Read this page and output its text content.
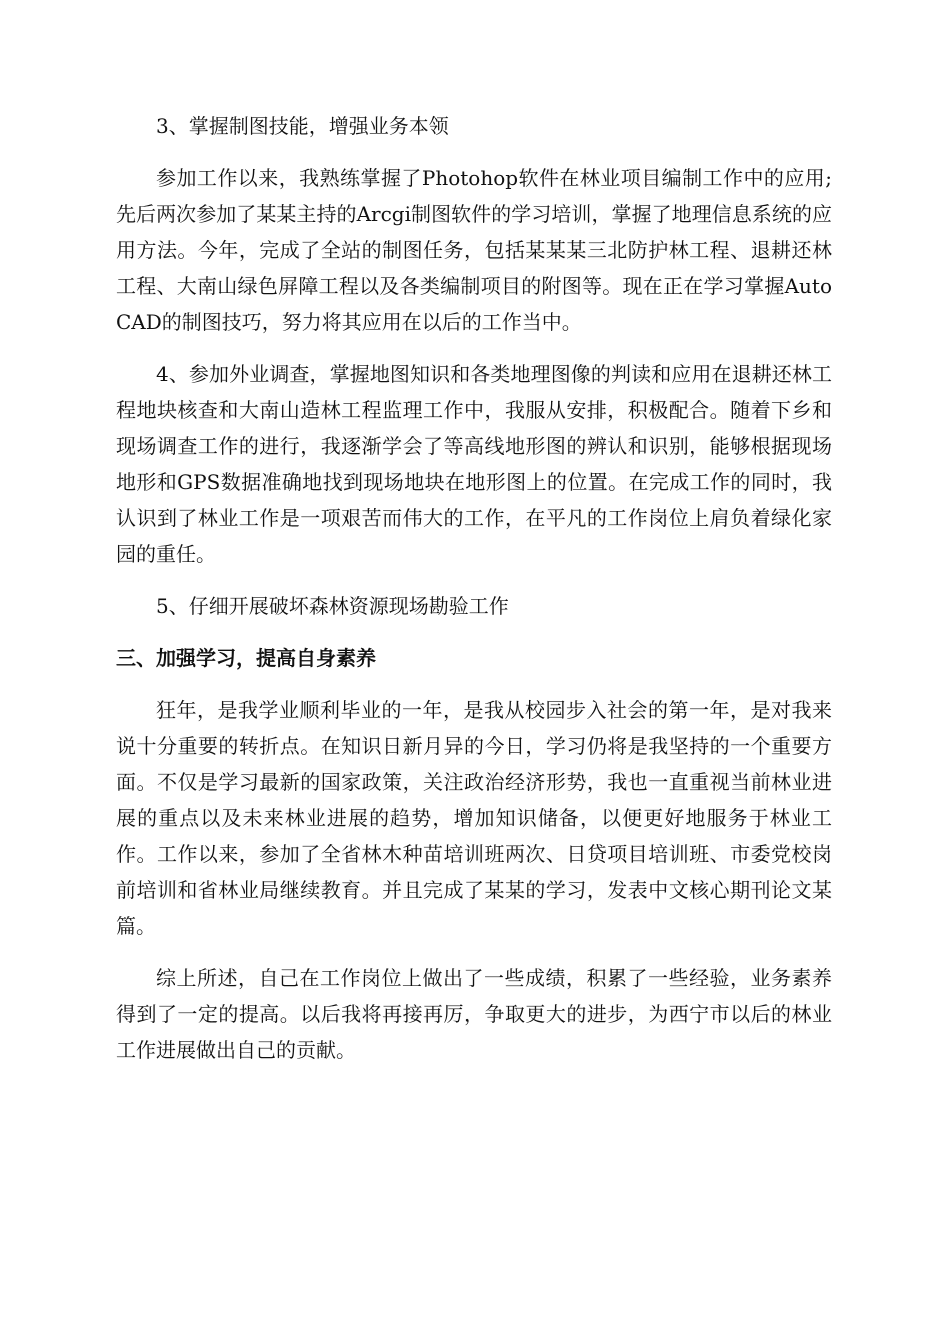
3、掌握制图技能，增强业务本领

参加工作以来，我熟练掌握了Photohop软件在林业项目编制工作中的应用;先后两次参加了某某主持的Arcgi制图软件的学习培训，掌握了地理信息系统的应用方法。今年，完成了全站的制图任务，包括某某某三北防护林工程、退耕还林工程、大南山绿色屏障工程以及各类编制项目的附图等。现在正在学习掌握AutoCAD的制图技巧，努力将其应用在以后的工作当中。

4、参加外业调查，掌握地图知识和各类地理图像的判读和应用在退耕还林工程地块核查和大南山造林工程监理工作中，我服从安排，积极配合。随着下乡和现场调查工作的进行，我逐渐学会了等高线地形图的辨认和识别，能够根据现场地形和GPS数据准确地找到现场地块在地形图上的位置。在完成工作的同时，我认识到了林业工作是一项艰苦而伟大的工作，在平凡的工作岗位上肩负着绿化家园的重任。

5、仔细开展破坏森林资源现场勘验工作

三、加强学习，提高自身素养

狂年，是我学业顺利毕业的一年，是我从校园步入社会的第一年，是对我来说十分重要的转折点。在知识日新月异的今日，学习仍将是我坚持的一个重要方面。不仅是学习最新的国家政策，关注政治经济形势，我也一直重视当前林业进展的重点以及未来林业进展的趋势，增加知识储备，以便更好地服务于林业工作。工作以来，参加了全省林木种苗培训班两次、日贷项目培训班、市委党校岗前培训和省林业局继续教育。并且完成了某某的学习，发表中文核心期刊论文某篇。

综上所述，自己在工作岗位上做出了一些成绩，积累了一些经验，业务素养得到了一定的提高。以后我将再接再厉，争取更大的进步，为西宁市以后的林业工作进展做出自己的贡献。
